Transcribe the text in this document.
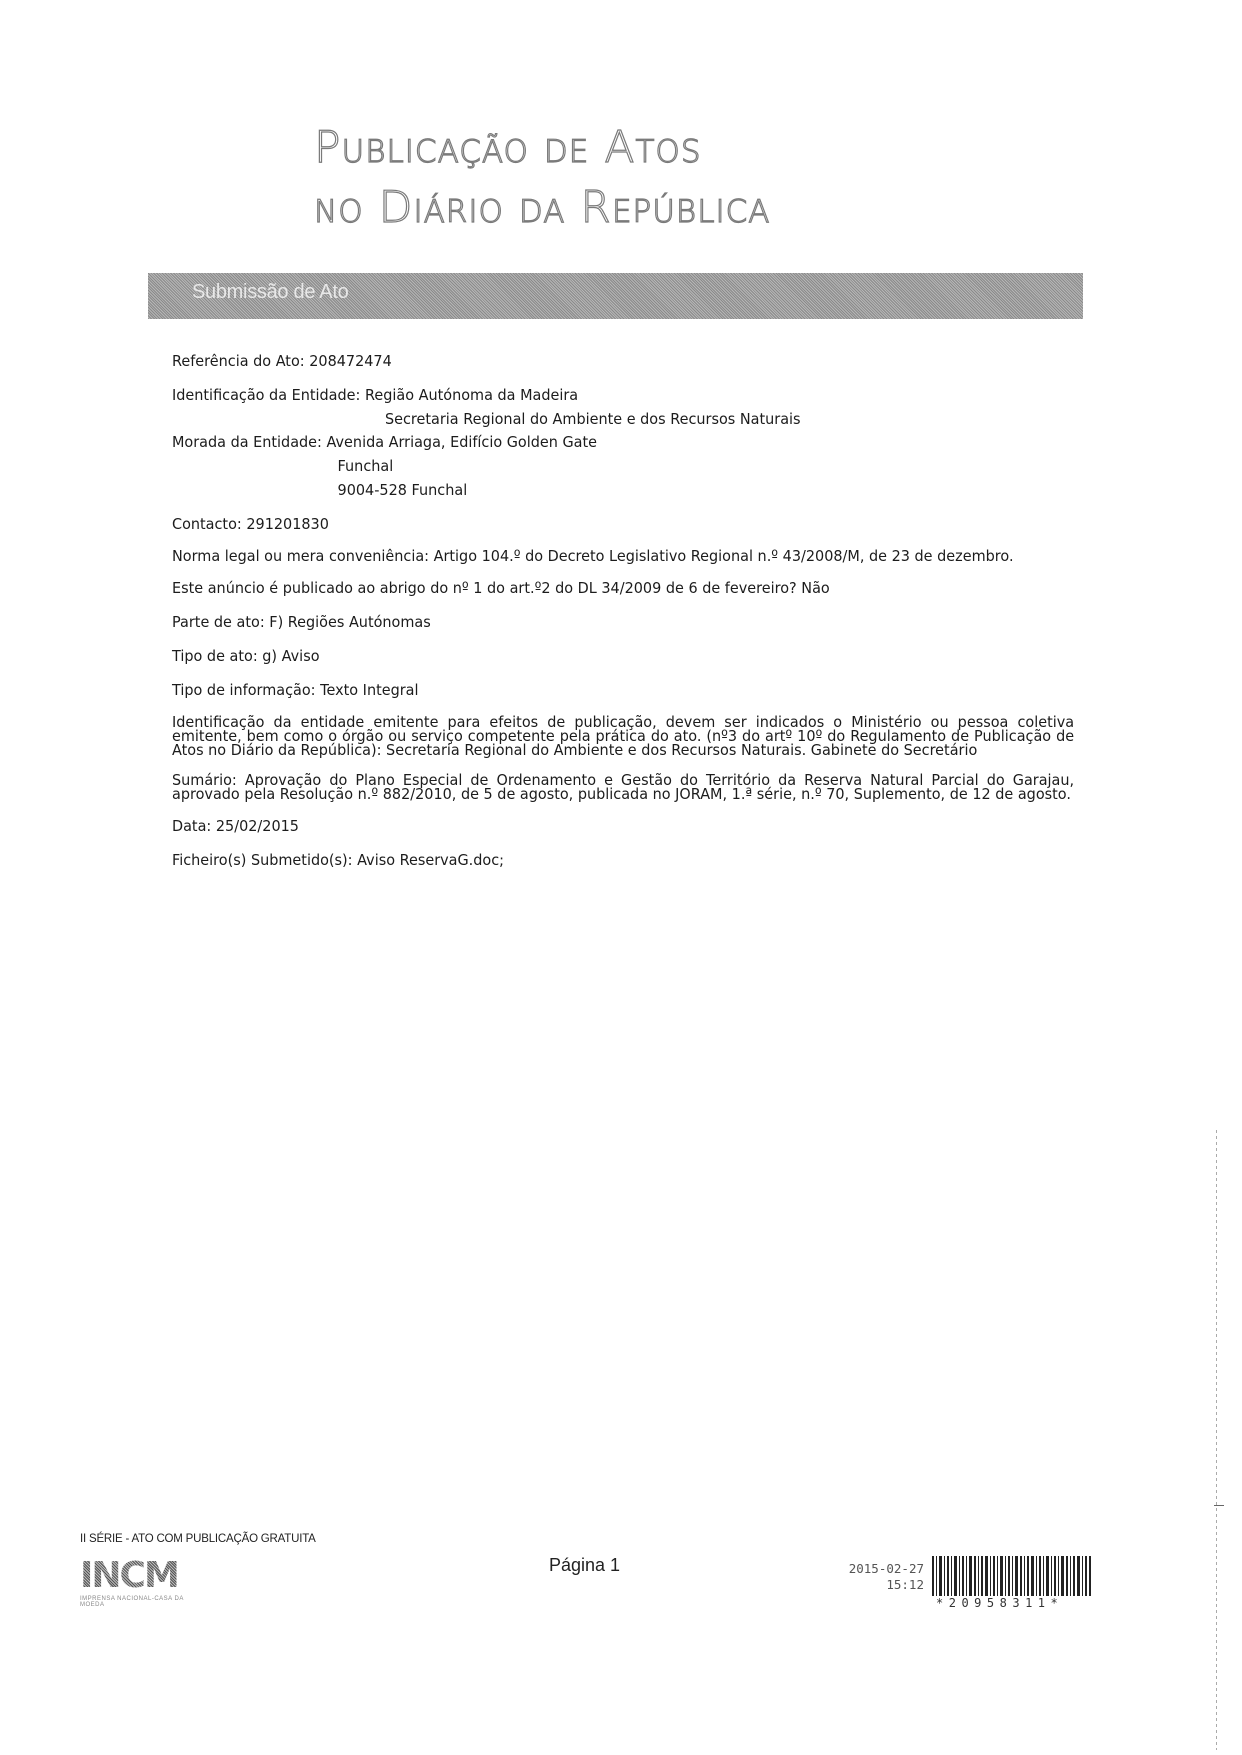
Publicação de Atos
no Diário da República
Submissão de Ato

Referência do Ato: 208472474

Identificação da Entidade: Região Autónoma da Madeira

Secretaria Regional do Ambiente e dos Recursos Naturais

Morada da Entidade: Avenida Arriaga, Edifício Golden Gate

Funchal

9004-528 Funchal

Contacto: 291201830

Norma legal ou mera conveniência: Artigo 104.º do Decreto Legislativo Regional n.º 43/2008/M, de 23 de dezembro.

Este anúncio é publicado ao abrigo do nº 1 do art.º2 do DL 34/2009 de 6 de fevereiro? Não

Parte de ato: F) Regiões Autónomas

Tipo de ato: g) Aviso

Tipo de informação: Texto Integral

Identificação da entidade emitente para efeitos de publicação, devem ser indicados o Ministério ou pessoa coletiva emitente, bem como o órgão ou serviço competente pela prática do ato. (nº3 do artº 10º do Regulamento de Publicação de Atos no Diário da República): Secretaria Regional do Ambiente e dos Recursos Naturais. Gabinete do Secretário

Sumário: Aprovação do Plano Especial de Ordenamento e Gestão do Território da Reserva Natural Parcial do Garajau, aprovado pela Resolução n.º 882/2010, de 5 de agosto, publicada no JORAM, 1.ª série, n.º 70, Suplemento, de 12 de agosto.

Data: 25/02/2015

Ficheiro(s) Submetido(s): Aviso ReservaG.doc;

II SÉRIE - ATO COM PUBLICAÇÃO GRATUITA
INCM
IMPRENSA NACIONAL-CASA DA MOEDA
Página 1	2015-02-27
15:12
*20958311*
